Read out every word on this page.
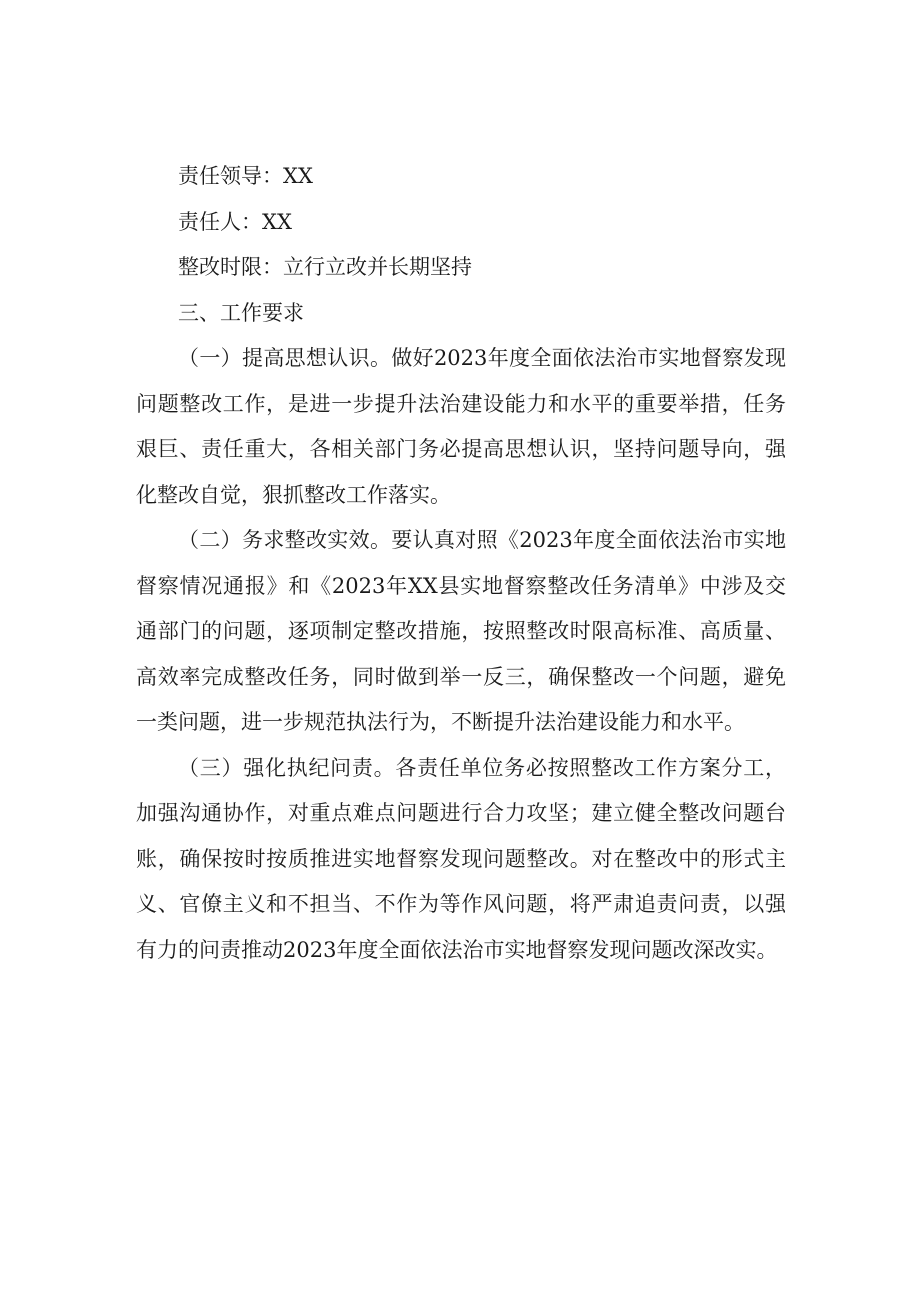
责任领导：XX

责任人：XX

整改时限：立行立改并长期坚持

三、工作要求

（一）提高思想认识。做好2023年度全面依法治市实地督察发现问题整改工作，是进一步提升法治建设能力和水平的重要举措，任务艰巨、责任重大，各相关部门务必提高思想认识，坚持问题导向，强化整改自觉，狠抓整改工作落实。

（二）务求整改实效。要认真对照《2023年度全面依法治市实地督察情况通报》和《2023年XX县实地督察整改任务清单》中涉及交通部门的问题，逐项制定整改措施，按照整改时限高标准、高质量、高效率完成整改任务，同时做到举一反三，确保整改一个问题，避免一类问题，进一步规范执法行为，不断提升法治建设能力和水平。

（三）强化执纪问责。各责任单位务必按照整改工作方案分工，加强沟通协作，对重点难点问题进行合力攻坚；建立健全整改问题台账，确保按时按质推进实地督察发现问题整改。对在整改中的形式主义、官僚主义和不担当、不作为等作风问题，将严肃追责问责，以强有力的问责推动2023年度全面依法治市实地督察发现问题改深改实。
